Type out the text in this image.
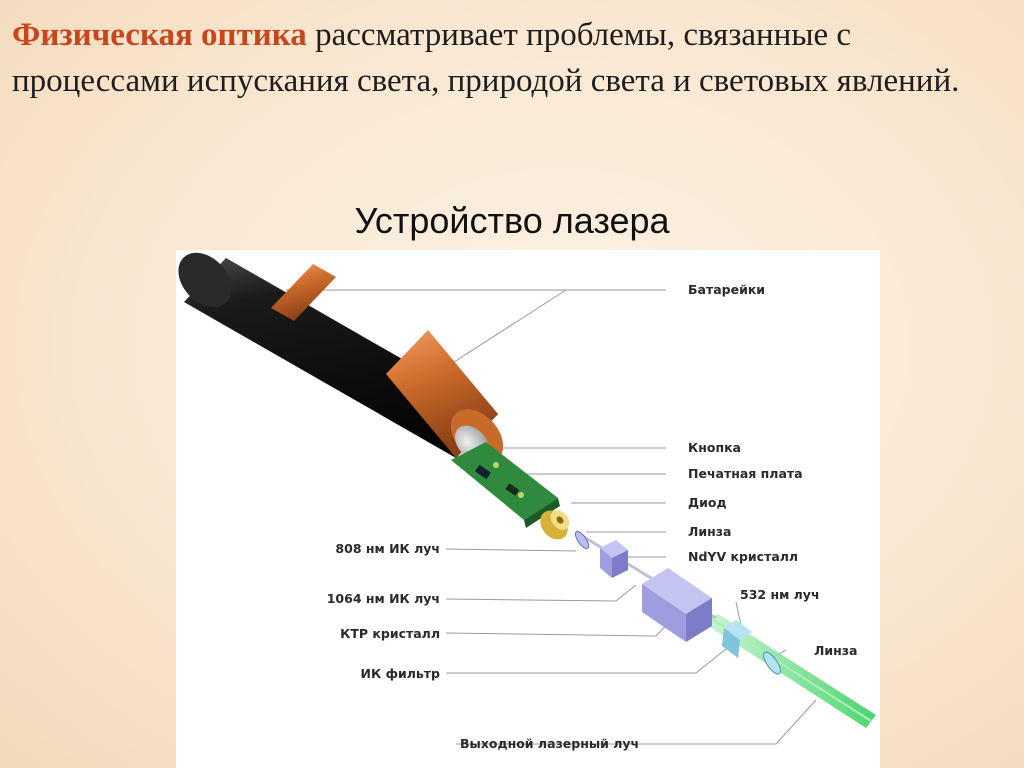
Физическая оптика рассматривает проблемы, связанные с процессами испускания света, природой света и световых явлений.

Устройство лазера
Батарейки
Кнопка
Печатная плата
Диод
Линза
NdYV кристалл
808 нм ИК луч
1064 нм ИК луч	532 нм луч
КТР кристалл
Линза
ИК фильтр
Выходной лазерный луч
